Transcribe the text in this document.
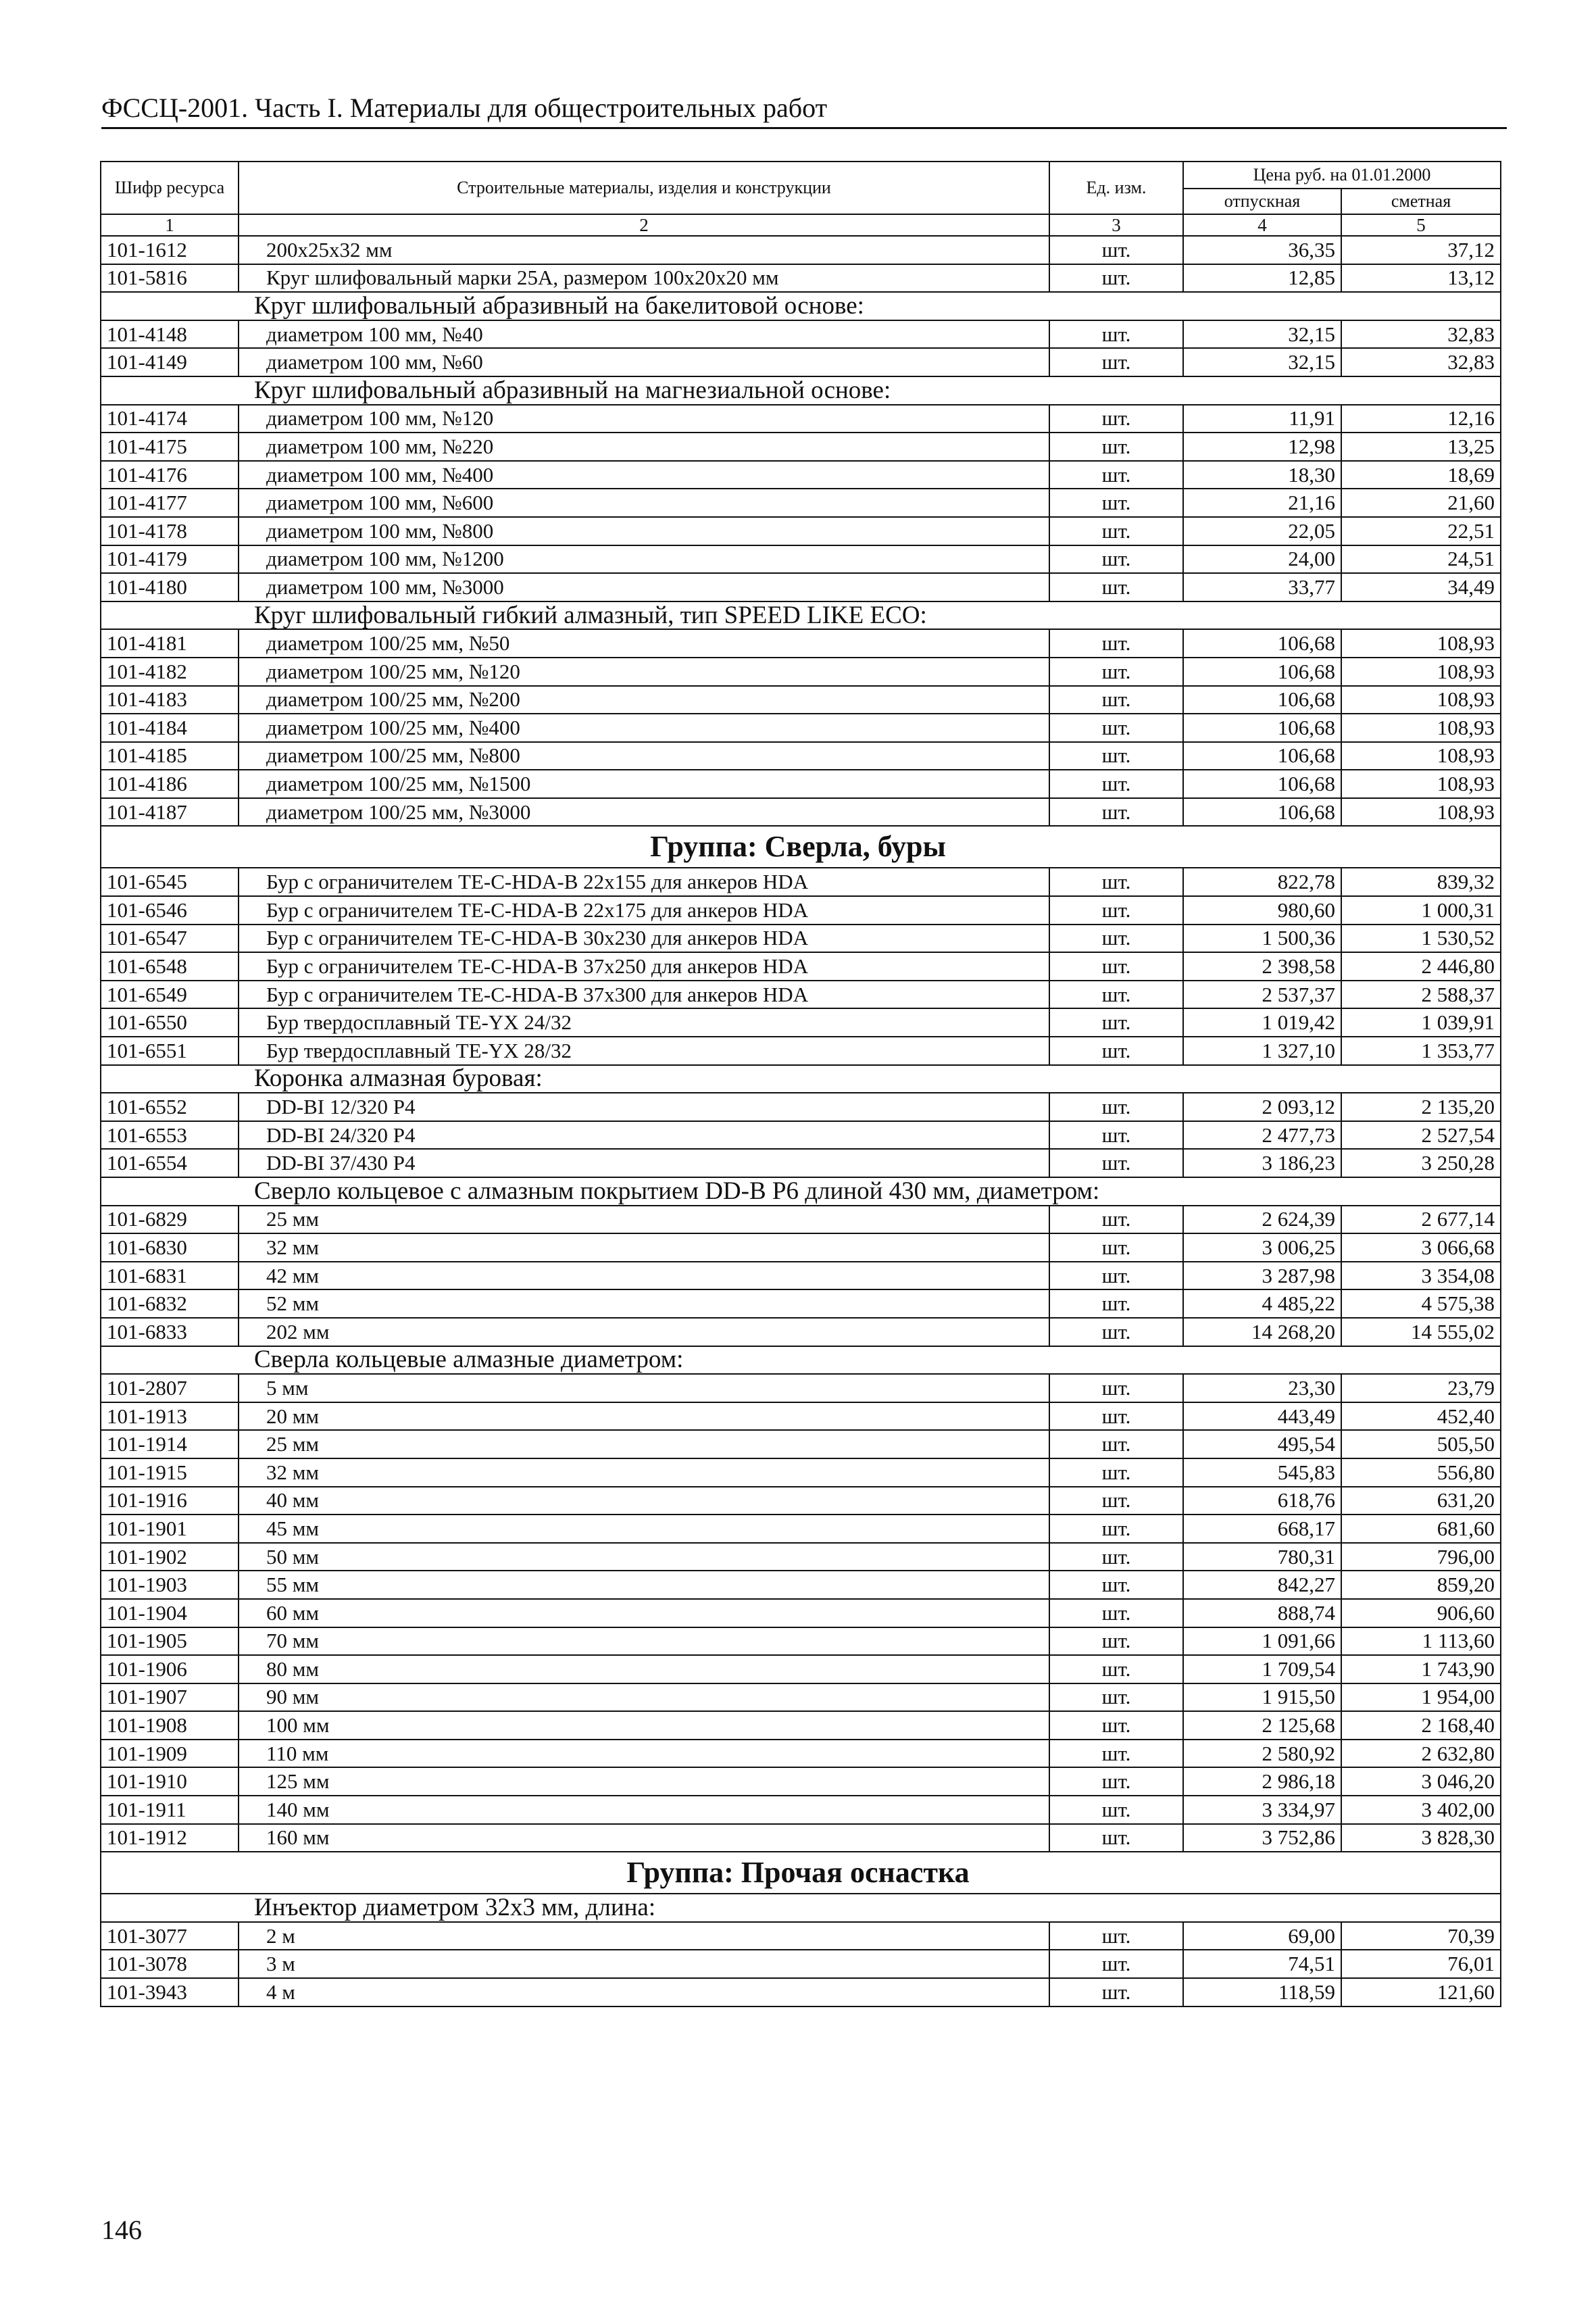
ФССЦ-2001. Часть I. Материалы для общестроительных работ
Шифр ресурса	Строительные материалы, изделия и конструкции	Ед. изм.	Цена руб. на 01.01.2000	
			отпускная	сметная
1	2	3	4	5
101-1612	200х25х32 мм	шт.	36,35	37,12
101-5816	Круг шлифовальный марки 25А, размером 100х20х20 мм	шт.	12,85	13,12
Круг шлифовальный абразивный на бакелитовой основе:				
101-4148	диаметром 100 мм, №40	шт.	32,15	32,83
101-4149	диаметром 100 мм, №60	шт.	32,15	32,83
Круг шлифовальный абразивный на магнезиальной основе:				
101-4174	диаметром 100 мм, №120	шт.	11,91	12,16
101-4175	диаметром 100 мм, №220	шт.	12,98	13,25
101-4176	диаметром 100 мм, №400	шт.	18,30	18,69
101-4177	диаметром 100 мм, №600	шт.	21,16	21,60
101-4178	диаметром 100 мм, №800	шт.	22,05	22,51
101-4179	диаметром 100 мм, №1200	шт.	24,00	24,51
101-4180	диаметром 100 мм, №3000	шт.	33,77	34,49
Круг шлифовальный гибкий алмазный, тип SPEED LIKE ECO:				
101-4181	диаметром 100/25 мм, №50	шт.	106,68	108,93
101-4182	диаметром 100/25 мм, №120	шт.	106,68	108,93
101-4183	диаметром 100/25 мм, №200	шт.	106,68	108,93
101-4184	диаметром 100/25 мм, №400	шт.	106,68	108,93
101-4185	диаметром 100/25 мм, №800	шт.	106,68	108,93
101-4186	диаметром 100/25 мм, №1500	шт.	106,68	108,93
101-4187	диаметром 100/25 мм, №3000	шт.	106,68	108,93
Группа: Сверла, буры				
101-6545	Бур с ограничителем TE-C-HDA-B 22х155 для анкеров HDA	шт.	822,78	839,32
101-6546	Бур с ограничителем TE-C-HDA-B 22х175 для анкеров HDA	шт.	980,60	1 000,31
101-6547	Бур с ограничителем TE-C-HDA-B 30х230 для анкеров HDA	шт.	1 500,36	1 530,52
101-6548	Бур с ограничителем TE-C-HDA-B 37х250 для анкеров HDA	шт.	2 398,58	2 446,80
101-6549	Бур с ограничителем TE-C-HDA-B 37х300 для анкеров HDA	шт.	2 537,37	2 588,37
101-6550	Бур твердосплавный TE-YX 24/32	шт.	1 019,42	1 039,91
101-6551	Бур твердосплавный TE-YX 28/32	шт.	1 327,10	1 353,77
Коронка алмазная буровая:				
101-6552	DD-BI 12/320 P4	шт.	2 093,12	2 135,20
101-6553	DD-BI 24/320 P4	шт.	2 477,73	2 527,54
101-6554	DD-BI 37/430 P4	шт.	3 186,23	3 250,28
Сверло кольцевое с алмазным покрытием DD-B P6 длиной 430 мм, диаметром:				
101-6829	25 мм	шт.	2 624,39	2 677,14
101-6830	32 мм	шт.	3 006,25	3 066,68
101-6831	42 мм	шт.	3 287,98	3 354,08
101-6832	52 мм	шт.	4 485,22	4 575,38
101-6833	202 мм	шт.	14 268,20	14 555,02
Сверла кольцевые алмазные диаметром:				
101-2807	5 мм	шт.	23,30	23,79
101-1913	20 мм	шт.	443,49	452,40
101-1914	25 мм	шт.	495,54	505,50
101-1915	32 мм	шт.	545,83	556,80
101-1916	40 мм	шт.	618,76	631,20
101-1901	45 мм	шт.	668,17	681,60
101-1902	50 мм	шт.	780,31	796,00
101-1903	55 мм	шт.	842,27	859,20
101-1904	60 мм	шт.	888,74	906,60
101-1905	70 мм	шт.	1 091,66	1 113,60
101-1906	80 мм	шт.	1 709,54	1 743,90
101-1907	90 мм	шт.	1 915,50	1 954,00
101-1908	100 мм	шт.	2 125,68	2 168,40
101-1909	110 мм	шт.	2 580,92	2 632,80
101-1910	125 мм	шт.	2 986,18	3 046,20
101-1911	140 мм	шт.	3 334,97	3 402,00
101-1912	160 мм	шт.	3 752,86	3 828,30
Группа: Прочая оснастка				
Инъектор диаметром 32х3 мм, длина:				
101-3077	2 м	шт.	69,00	70,39
101-3078	3 м	шт.	74,51	76,01
101-3943	4 м	шт.	118,59	121,60
146
